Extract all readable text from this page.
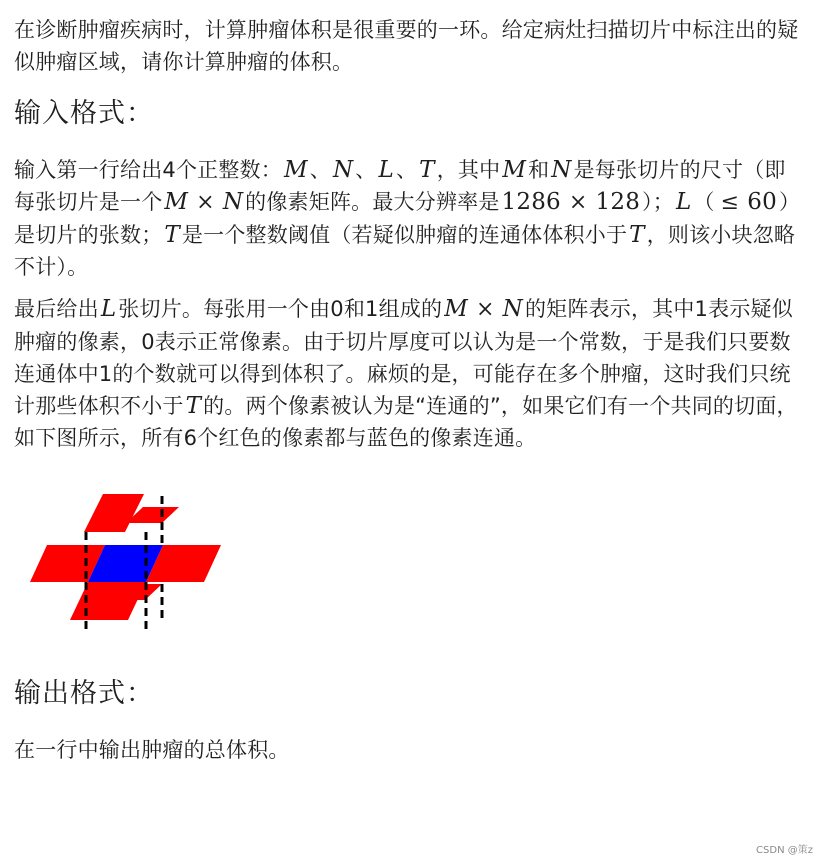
在诊断肿瘤疾病时，计算肿瘤体积是很重要的一环。给定病灶扫描切片中标注出的疑似肿瘤区域，请你计算肿瘤的体积。

输入格式：

输入第一行给出4个正整数：M、N、L、T，其中M和N是每张切片的尺寸（即每张切片是一个M × N的像素矩阵。最大分辨率是1286 × 128）；L（ ≤ 60）是切片的张数；T是一个整数阈值（若疑似肿瘤的连通体体积小于T，则该小块忽略不计）。

最后给出L张切片。每张用一个由0和1组成的M × N的矩阵表示，其中1表示疑似肿瘤的像素，0表示正常像素。由于切片厚度可以认为是一个常数，于是我们只要数连通体中1的个数就可以得到体积了。麻烦的是，可能存在多个肿瘤，这时我们只统计那些体积不小于T的。两个像素被认为是“连通的”，如果它们有一个共同的切面，如下图所示，所有6个红色的像素都与蓝色的像素连通。

输出格式：

在一行中输出肿瘤的总体积。

CSDN @策z
